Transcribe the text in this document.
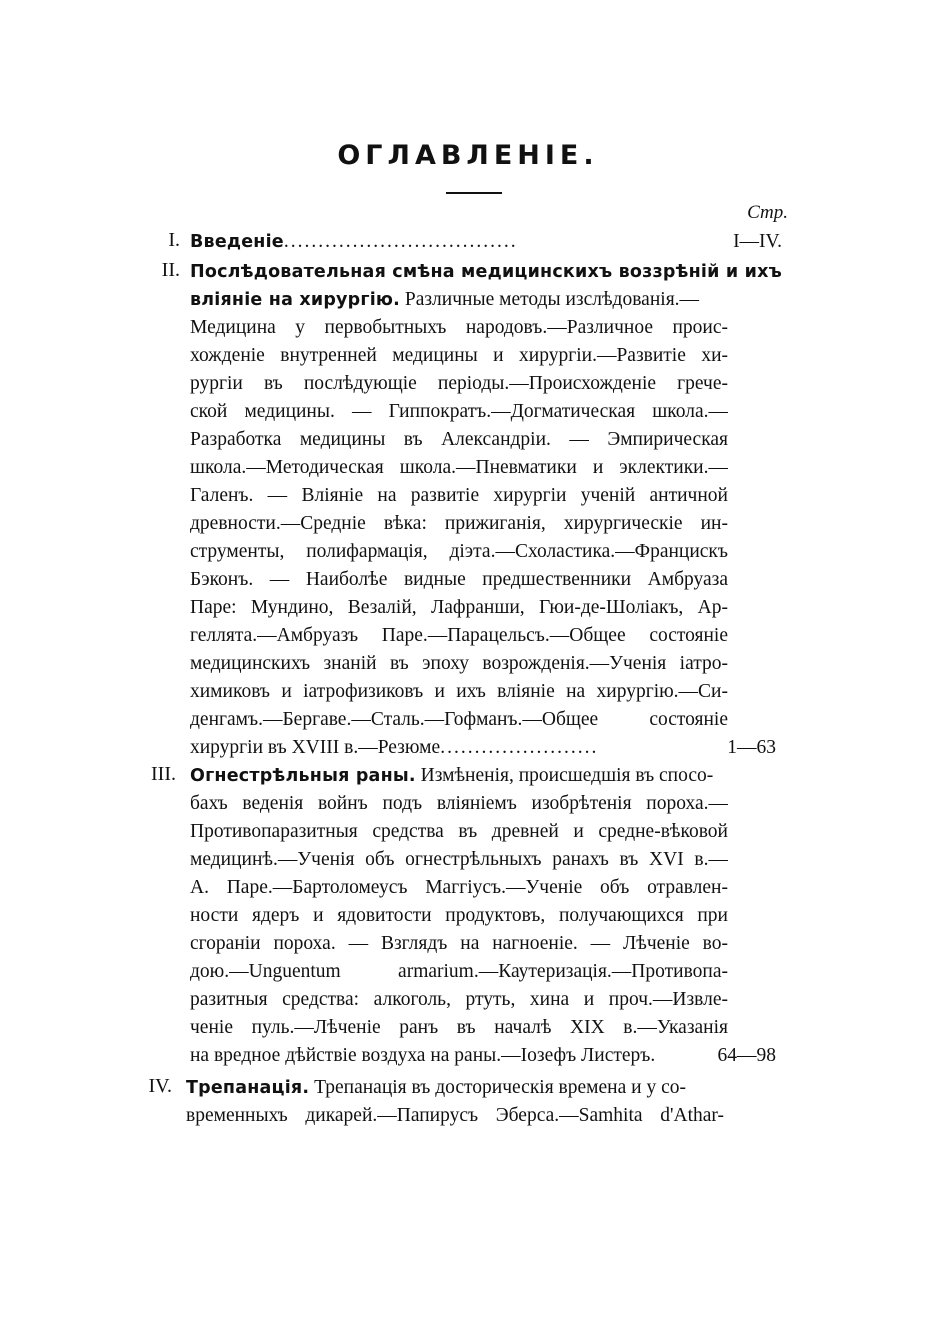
ОГЛАВЛЕНІЕ.
Стр.
I. Введеніе..................................	I—IV.
II. Послѣдовательная смѣна медицинскихъ воззрѣній и ихъ
вліяніе на хирургію. Различные методы изслѣдованія.—
Медицина у первобытныхъ народовъ.—Различное проис-
хожденіе внутренней медицины и хирургіи.—Развитіе хи-
рургіи въ послѣдующіе періоды.—Происхожденіе грече-
ской медицины. — Гиппократъ.—Догматическая школа.—
Разработка медицины въ Александріи. — Эмпирическая
школа.—Методическая школа.—Пневматики и эклектики.—
Галенъ. — Вліяніе на развитіе хирургіи ученій античной
древности.—Средніе вѣка: прижиганія, хирургическіе ин-
струменты, полифармація, діэта.—Схоластика.—Францискъ
Бэконъ. — Наиболѣе видные предшественники Амбруаза
Паре: Мундино, Везалій, Лафранши, Гюи-де-Шоліакъ, Ар-
геллята.—Амбруазъ Паре.—Парацельсъ.—Общее состояніе
медицинскихъ знаній въ эпоху возрожденія.—Ученія іатро-
химиковъ и іатрофизиковъ и ихъ вліяніе на хирургію.—Си-
денгамъ.—Бергаве.—Сталь.—Гофманъ.—Общее состояніе
хирургіи въ XVIII в.—Резюме.......................	1—63
III. Огнестрѣльныя раны. Измѣненія, происшедшія въ спосо-
бахъ веденія войнъ подъ вліяніемъ изобрѣтенія пороха.—
Противопаразитныя средства въ древней и средне-вѣковой
медицинѣ.—Ученія объ огнестрѣльныхъ ранахъ въ XVI в.—
А. Паре.—Бартоломеусъ Маггіусъ.—Ученіе объ отравлен-
ности ядеръ и ядовитости продуктовъ, получающихся при
сгораніи пороха. — Взглядъ на нагноеніе. — Лѣченіе во-
дою.—Unguentum armarium.—Каутеризація.—Противопа-
разитныя средства: алкоголь, ртуть, хина и проч.—Извле-
ченіе пуль.—Лѣченіе ранъ въ началѣ XIX в.—Указанія
на вредное дѣйствіе воздуха на раны.—Іозефъ Листеръ.	64—98
IV. Трепанація. Трепанація въ досторическія времена и у со-
временныхъ дикарей.—Папирусъ Эберса.—Samhita d'Athar-
